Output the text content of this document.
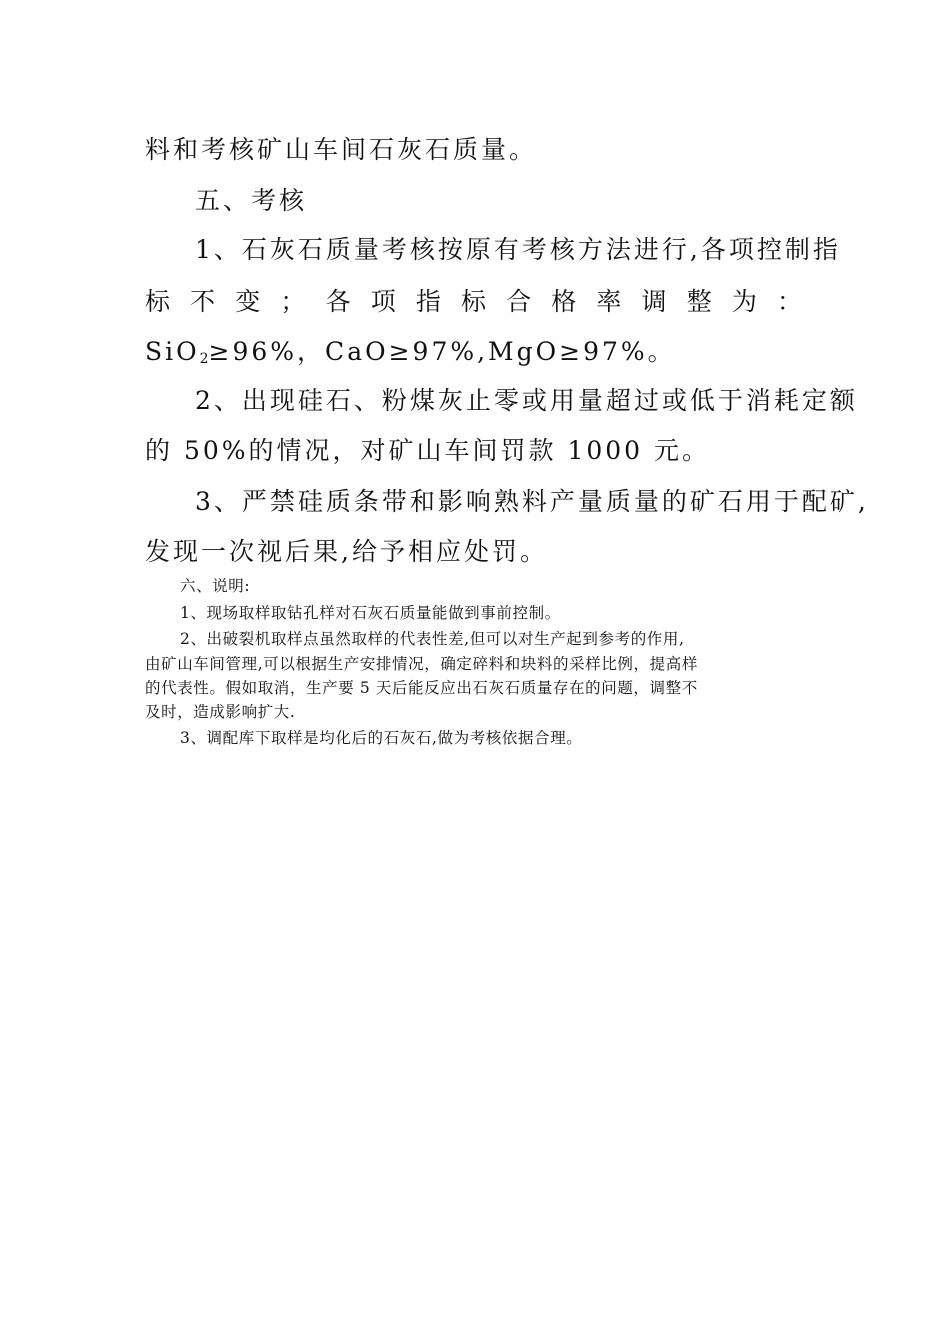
料和考核矿山车间石灰石质量。
五、考核
1、石灰石质量考核按原有考核方法进行,各项控制指
标 不 变 ； 各 项 指 标 合 格 率 调 整 为 ：
SiO$_2$≥96%，CaO≥97%,MgO≥97%。
2、出现硅石、粉煤灰止零或用量超过或低于消耗定额
的 50%的情况，对矿山车间罚款 1000 元。
3、严禁硅质条带和影响熟料产量质量的矿石用于配矿,
发现一次视后果,给予相应处罚。
六、说明:
1、现场取样取钻孔样对石灰石质量能做到事前控制。
2、出破裂机取样点虽然取样的代表性差,但可以对生产起到参考的作用,
由矿山车间管理,可以根据生产安排情况，确定碎料和块料的采样比例，提高样
的代表性。假如取消，生产要 5 天后能反应出石灰石质量存在的问题，调整不
及时，造成影响扩大.
3、调配库下取样是均化后的石灰石,做为考核依据合理。
